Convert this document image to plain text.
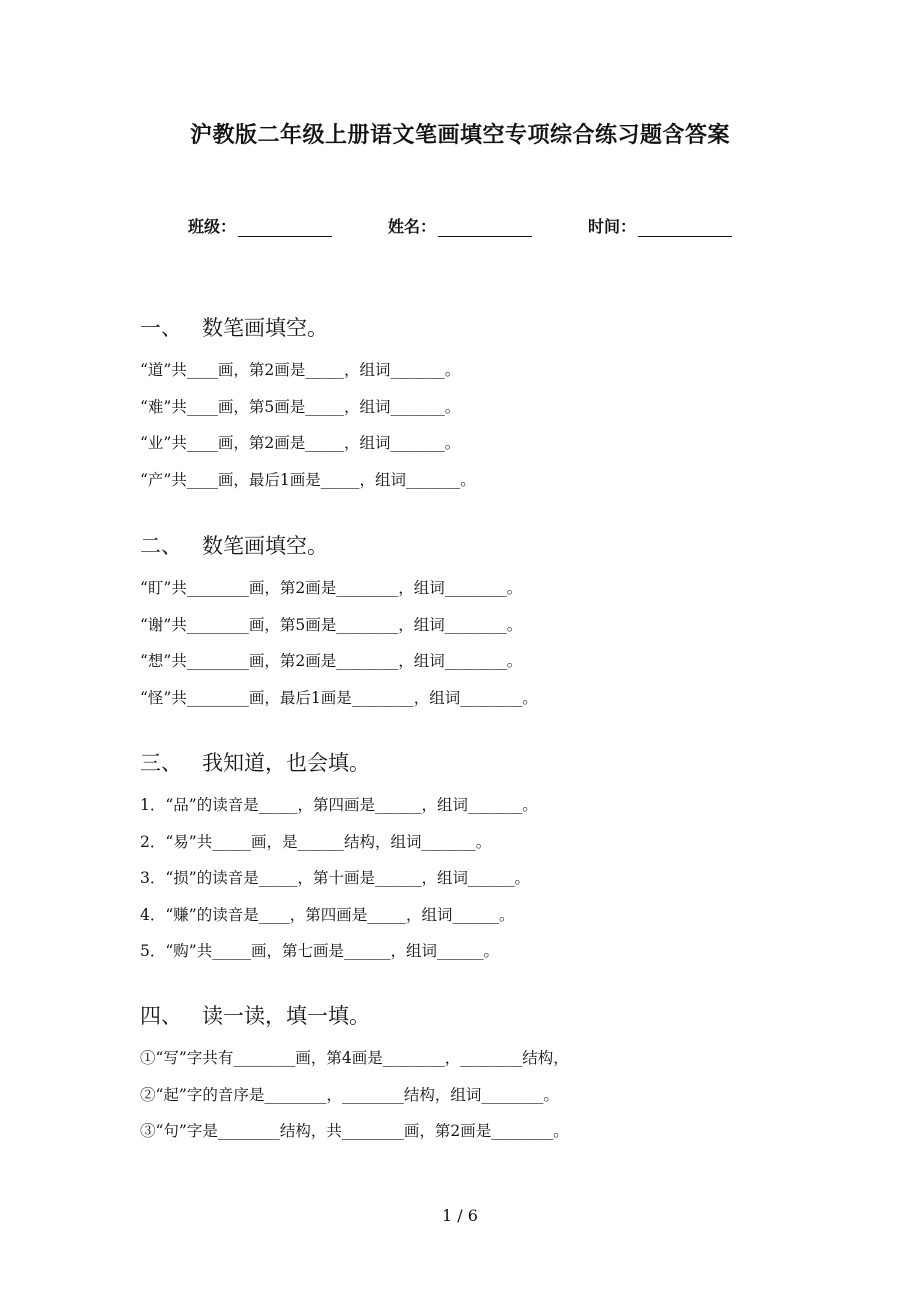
沪教版二年级上册语文笔画填空专项综合练习题含答案
班级：	姓名：	时间：
一、 数笔画填空。
“道”共____画，第2画是_____，组词_______。
“难”共____画，第5画是_____，组词_______。
“业”共____画，第2画是_____，组词_______。
“产”共____画，最后1画是_____，组词_______。
二、 数笔画填空。
“盯”共________画，第2画是________，组词________。
“谢”共________画，第5画是________，组词________。
“想”共________画，第2画是________，组词________。
“怪”共________画，最后1画是________，组词________。
三、 我知道，也会填。
1．“品”的读音是_____，第四画是______，组词_______。
2．“易”共_____画，是______结构，组词_______。
3．“损”的读音是_____，第十画是______，组词______。
4．“赚”的读音是____，第四画是_____，组词______。
5．“购”共_____画，第七画是______，组词______。
四、 读一读，填一填。
①“写”字共有________画，第4画是________，________结构，
②“起”字的音序是________，________结构，组词________。
③“句”字是________结构，共________画，第2画是________。
1 / 6
